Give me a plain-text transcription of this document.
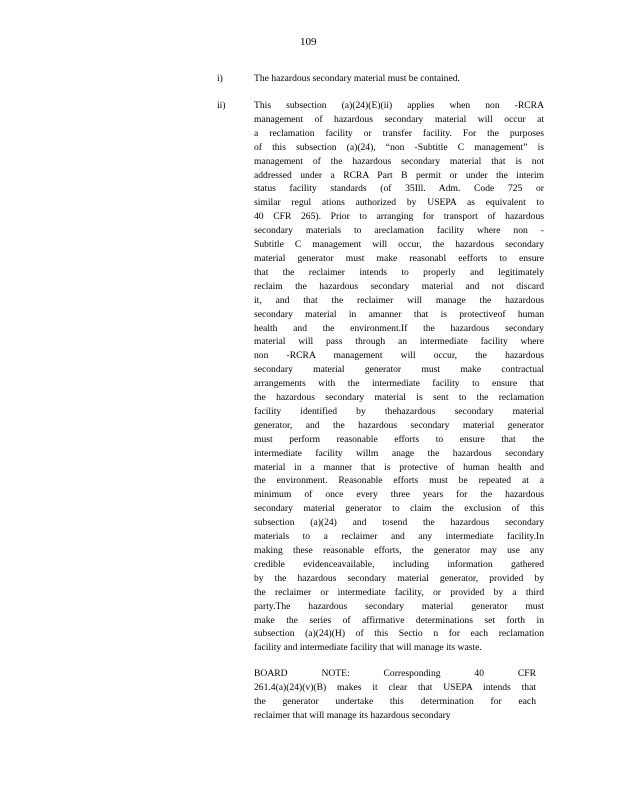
109
i)	The hazardous secondary material must be contained.
ii)	This subsection (a)(24)(E)(ii) applies when non -RCRA
management of hazardous secondary material will occur at
a reclamation facility or transfer facility. For the purposes
of this subsection (a)(24), “non -Subtitle C management” is
management of the hazardous secondary material that is not
addressed under a RCRA Part B permit or under the interim
status facility standards (of 35Ill. Adm. Code 725 or
similar regul ations authorized by USEPA as equivalent to
40 CFR 265). Prior to arranging for transport of hazardous
secondary materials to areclamation facility where non -
Subtitle C management will occur, the hazardous secondary
material generator must make reasonabl eefforts to ensure
that the reclaimer intends to properly and legitimately
reclaim the hazardous secondary material and not discard
it, and that the reclaimer will manage the hazardous
secondary material in amanner that is protectiveof human
health and the environment.If the hazardous secondary
material will pass through an intermediate facility where
non -RCRA management will occur, the hazardous
secondary material generator must make contractual
arrangements with the intermediate facility to ensure that
the hazardous secondary material is sent to the reclamation
facility identified by thehazardous secondary material
generator, and the hazardous secondary material generator
must perform reasonable efforts to ensure that the
intermediate facility willm anage the hazardous secondary
material in a manner that is protective of human health and
the environment. Reasonable efforts must be repeated at a
minimum of once every three years for the hazardous
secondary material generator to claim the exclusion of this
subsection (a)(24) and tosend the hazardous secondary
materials to a reclaimer and any intermediate facility.In
making these reasonable efforts, the generator may use any
credible evidenceavailable, including information gathered
by the hazardous secondary material generator, provided by
the reclaimer or intermediate facility, or provided by a third
party.The hazardous secondary material generator must
make the series of affirmative determinations set forth in
subsection (a)(24)(H) of this Sectio n for each reclamation
facility and intermediate facility that will manage its waste.
BOARD NOTE: Corresponding 40 CFR
261.4(a)(24)(v)(B) makes it clear that USEPA intends that
the generator undertake this determination for each
reclaimer that will manage its hazardous secondary
